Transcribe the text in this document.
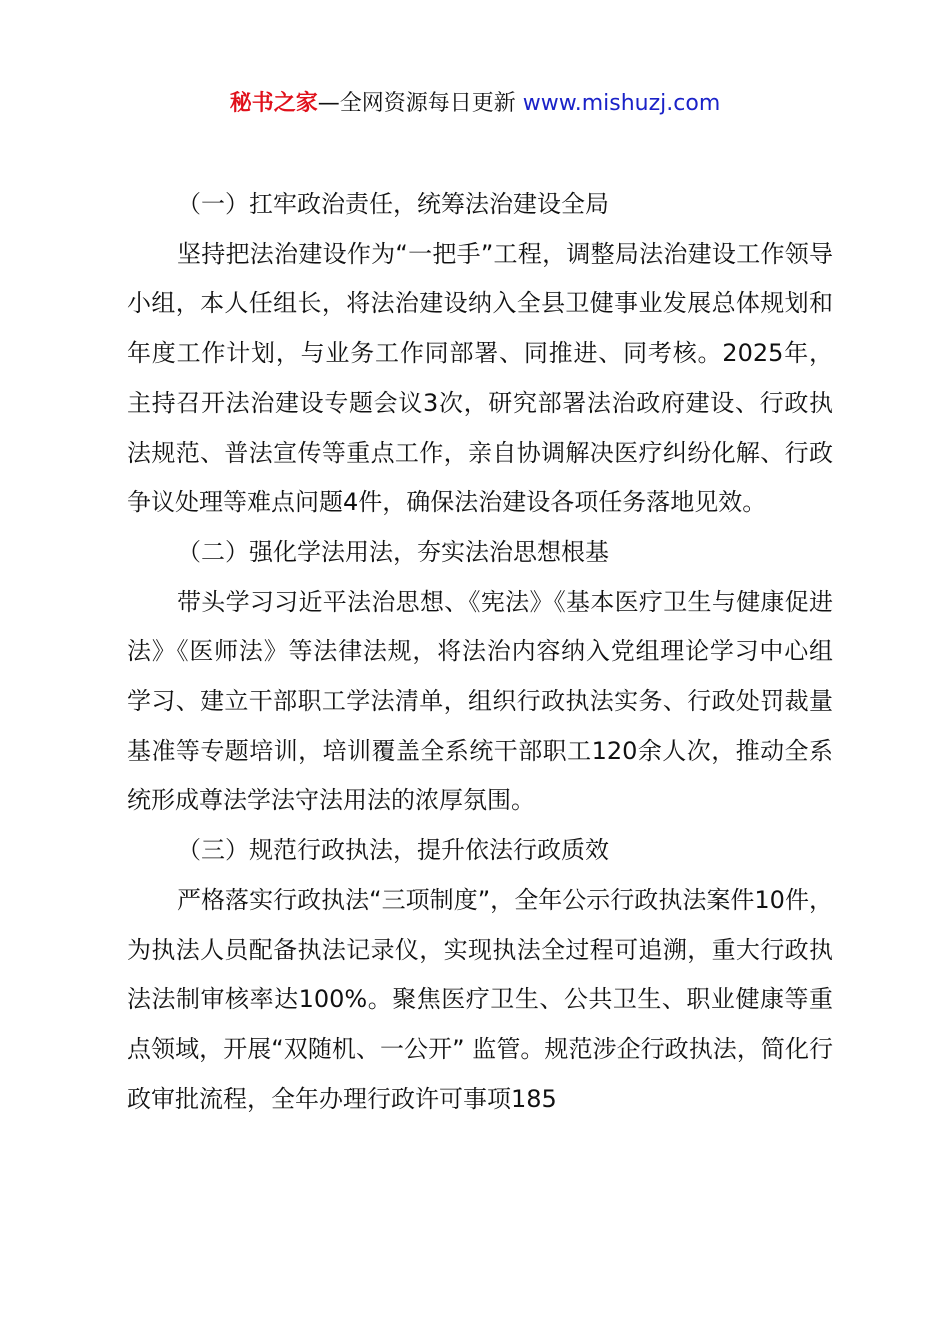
秘书之家—全网资源每日更新 www.mishuzj.com

（一）扛牢政治责任，统筹法治建设全局

坚持把法治建设作为“一把手”工程，调整局法治建设工作领导小组，本人任组长，将法治建设纳入全县卫健事业发展总体规划和年度工作计划，与业务工作同部署、同推进、同考核。2025年，主持召开法治建设专题会议3次，研究部署法治政府建设、行政执法规范、普法宣传等重点工作，亲自协调解决医疗纠纷化解、行政争议处理等难点问题4件，确保法治建设各项任务落地见效。

（二）强化学法用法，夯实法治思想根基

带头学习习近平法治思想、《宪法》《基本医疗卫生与健康促进法》《医师法》等法律法规，将法治内容纳入党组理论学习中心组学习、建立干部职工学法清单，组织行政执法实务、行政处罚裁量基准等专题培训，培训覆盖全系统干部职工120余人次，推动全系统形成尊法学法守法用法的浓厚氛围。

（三）规范行政执法，提升依法行政质效

严格落实行政执法“三项制度”，全年公示行政执法案件10件，为执法人员配备执法记录仪，实现执法全过程可追溯，重大行政执法法制审核率达100%。聚焦医疗卫生、公共卫生、职业健康等重点领域，开展“双随机、一公开” 监管。规范涉企行政执法，简化行政审批流程，全年办理行政许可事项185
